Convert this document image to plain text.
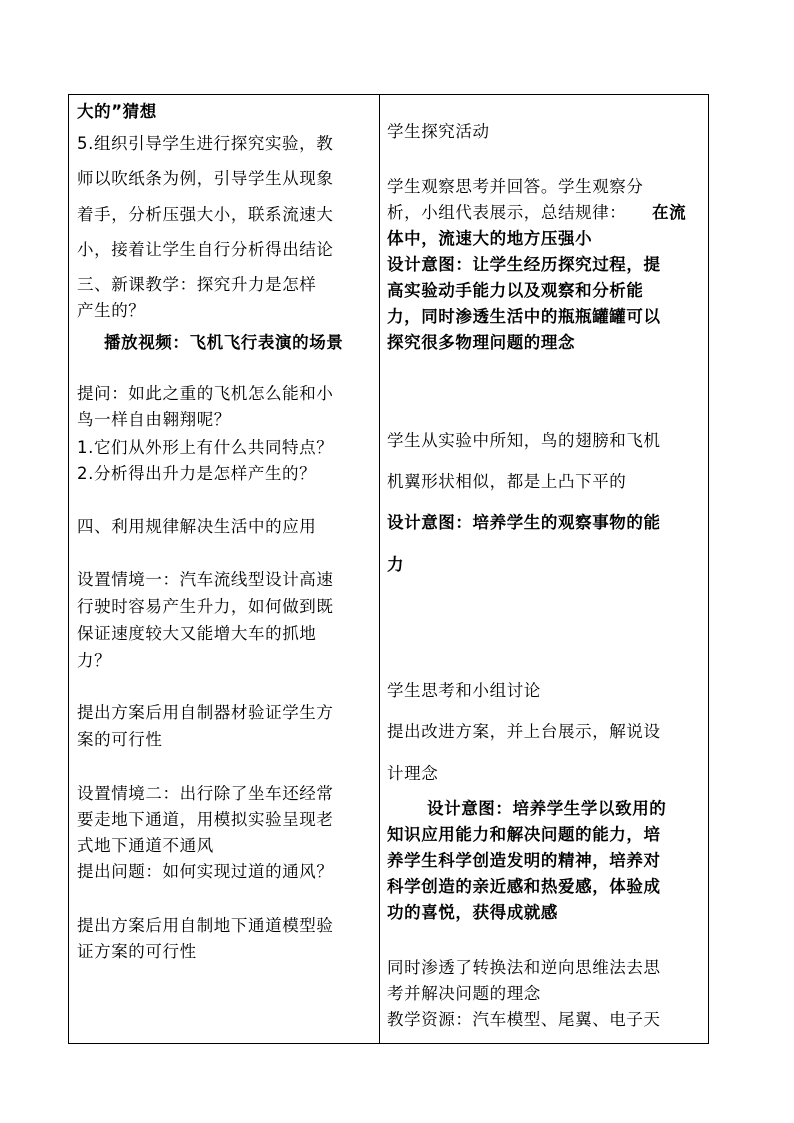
大的”猜想
5.组织引导学生进行探究实验，教
师以吹纸条为例，引导学生从现象
着手，分析压强大小，联系流速大
小，接着让学生自行分析得出结论
三、新课教学：探究升力是怎样
产生的？
播放视频：飞机飞行表演的场景
提问：如此之重的飞机怎么能和小
鸟一样自由翱翔呢？
1.它们从外形上有什么共同特点？
2.分析得出升力是怎样产生的？
四、利用规律解决生活中的应用
设置情境一：汽车流线型设计高速
行驶时容易产生升力，如何做到既
保证速度较大又能增大车的抓地
力？
提出方案后用自制器材验证学生方
案的可行性
设置情境二：出行除了坐车还经常
要走地下通道，用模拟实验呈现老
式地下通道不通风
提出问题：如何实现过道的通风？
提出方案后用自制地下通道模型验
证方案的可行性
学生探究活动
学生观察思考并回答。学生观察分
析，小组代表展示，总结规律： 在流
体中，流速大的地方压强小
设计意图：让学生经历探究过程，提
高实验动手能力以及观察和分析能
力，同时渗透生活中的瓶瓶罐罐可以
探究很多物理问题的理念
学生从实验中所知，鸟的翅膀和飞机
机翼形状相似，都是上凸下平的
设计意图：培养学生的观察事物的能
力
学生思考和小组讨论
提出改进方案，并上台展示，解说设
计理念
设计意图：培养学生学以致用的
知识应用能力和解决问题的能力，培
养学生科学创造发明的精神，培养对
科学创造的亲近感和热爱感，体验成
功的喜悦，获得成就感
同时渗透了转换法和逆向思维法去思
考并解决问题的理念
教学资源：汽车模型、尾翼、电子天
